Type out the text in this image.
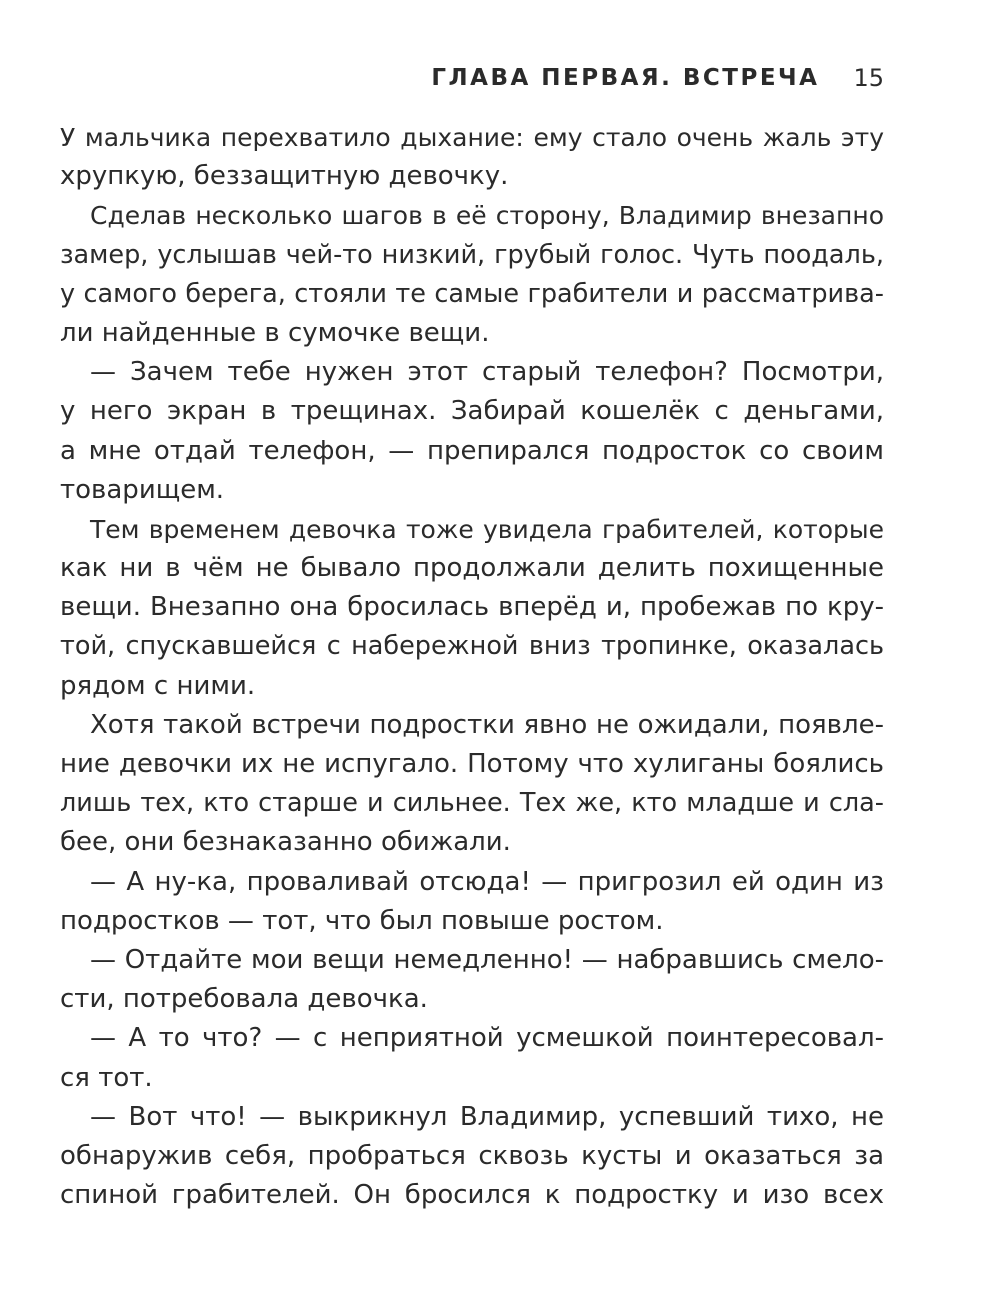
ГЛАВА ПЕРВАЯ. ВСТРЕЧА 15

У мальчика перехватило дыхание: ему стало очень жаль эту
хрупкую, беззащитную девочку.

Сделав несколько шагов в её сторону, Владимир внезапно
замер, услышав чей-то низкий, грубый голос. Чуть поодаль,
у самого берега, стояли те самые грабители и рассматрива-
ли найденные в сумочке вещи.

— Зачем тебе нужен этот старый телефон? Посмотри,
у него экран в трещинах. Забирай кошелёк с деньгами,
а мне отдай телефон, — препирался подросток со своим
товарищем.

Тем временем девочка тоже увидела грабителей, которые
как ни в чём не бывало продолжали делить похищенные
вещи. Внезапно она бросилась вперёд и, пробежав по кру-
той, спускавшейся с набережной вниз тропинке, оказалась
рядом с ними.

Хотя такой встречи подростки явно не ожидали, появле-
ние девочки их не испугало. Потому что хулиганы боялись
лишь тех, кто старше и сильнее. Тех же, кто младше и сла-
бее, они безнаказанно обижали.

— А ну-ка, проваливай отсюда! — пригрозил ей один из
подростков — тот, что был повыше ростом.

— Отдайте мои вещи немедленно! — набравшись смело-
сти, потребовала девочка.

— А то что? — с неприятной усмешкой поинтересовал-
ся тот.

— Вот что! — выкрикнул Владимир, успевший тихо, не
обнаружив себя, пробраться сквозь кусты и оказаться за
спиной грабителей. Он бросился к подростку и изо всех
